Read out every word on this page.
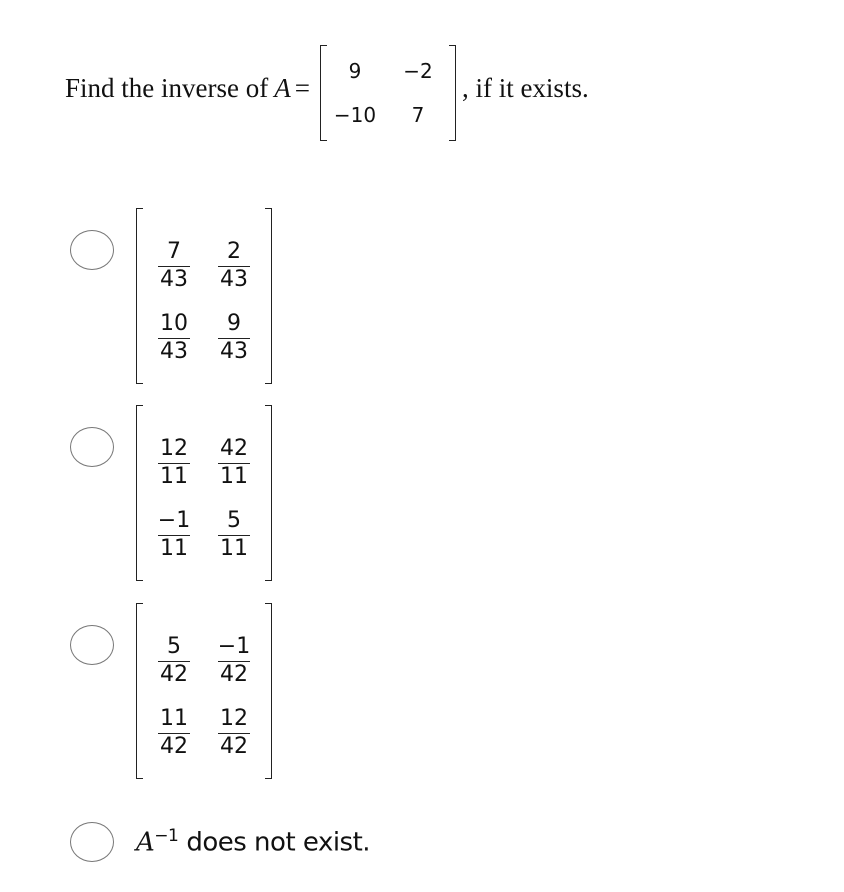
Find the inverse of A =
9	−2
−10	7
, if it exists.
$\frac{7}{43} \frac{2}{43}$
$\frac{10}{43} \frac{9}{43}$
$\frac{12}{11} \frac{42}{11}$
$\frac{-1}{11} \frac{5}{11}$
$\frac{5}{42} \frac{-1}{42}$
$\frac{11}{42} \frac{12}{42}$
$A^{-1}$ does not exist.
